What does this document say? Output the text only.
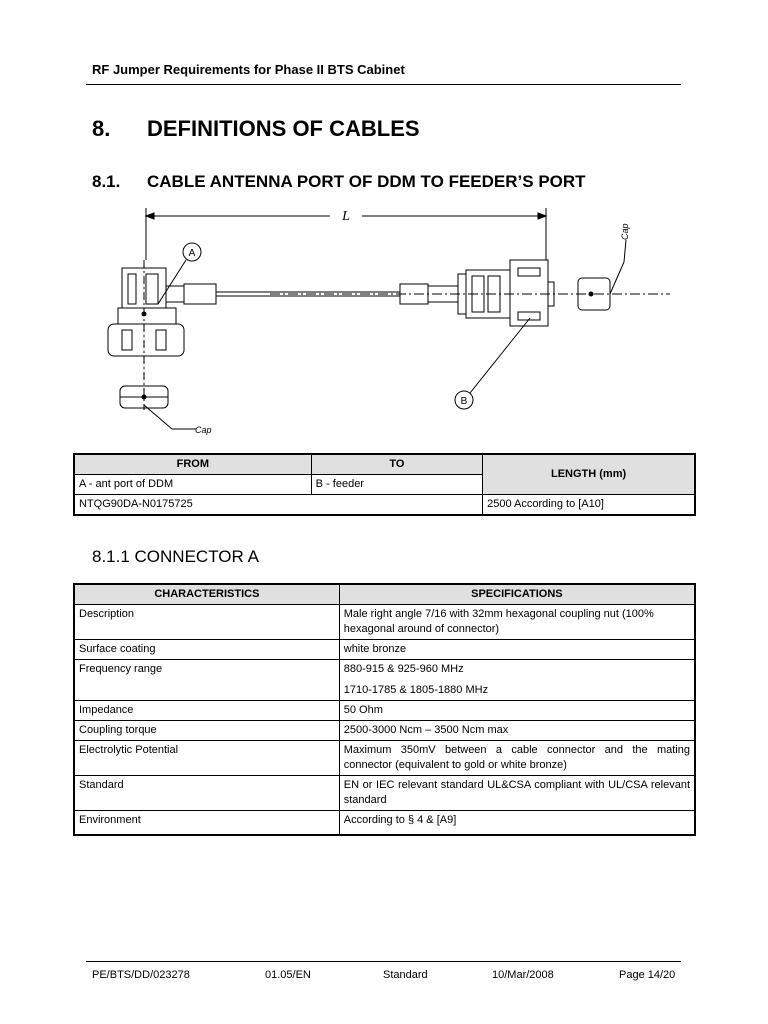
RF Jumper Requirements for Phase II BTS Cabinet
8. DEFINITIONS OF CABLES
8.1. CABLE ANTENNA PORT OF DDM TO FEEDER’S PORT
L
A
B
Cap
Cap
FROM	TO	LENGTH (mm)
A - ant port of DDM	B - feeder	
NTQG90DA-N0175725		2500 According to [A10]
8.1.1 CONNECTOR A
CHARACTERISTICS	SPECIFICATIONS
Description	Male right angle 7/16 with 32mm hexagonal coupling nut (100% hexagonal around of connector)
Surface coating	white bronze
Frequency range	880-915 & 925-960 MHz
1710-1785 & 1805-1880 MHz

Impedance	50 Ohm
Coupling torque	2500-3000 Ncm – 3500 Ncm max
Electrolytic Potential	Maximum 350mV between a cable connector and the mating connector (equivalent to gold or white bronze)
Standard	EN or IEC relevant standard UL&CSA compliant with UL/CSA relevant standard
Environment	According to § 4 & [A9]
PE/BTS/DD/023278	01.05/EN	Standard	10/Mar/2008	Page 14/20
